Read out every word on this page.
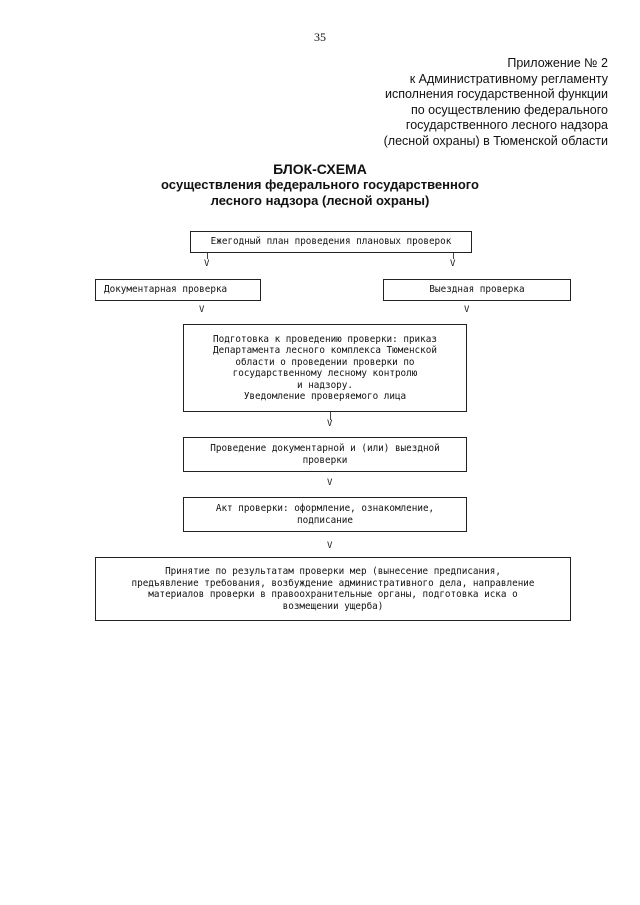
35
Приложение № 2
к Административному регламенту
исполнения государственной функции
по осуществлению федерального
государственного лесного надзора
(лесной охраны) в Тюменской области
БЛОК-СХЕМА
осуществления федерального государственного
лесного надзора (лесной охраны)
Ежегодный план проведения плановых проверок
V	V
Документарная проверка	Выездная проверка
V	V
Подготовка к проведению проверки: приказ
Департамента лесного комплекса Тюменской
области о проведении проверки по
государственному лесному контролю
и надзору.
Уведомление проверяемого лица
V
Проведение документарной и (или) выездной
проверки
V
Акт проверки: оформление, ознакомление,
подписание
V
Принятие по результатам проверки мер (вынесение предписания,
предъявление требования, возбуждение административного дела, направление
материалов проверки в правоохранительные органы, подготовка иска о
возмещении ущерба)
